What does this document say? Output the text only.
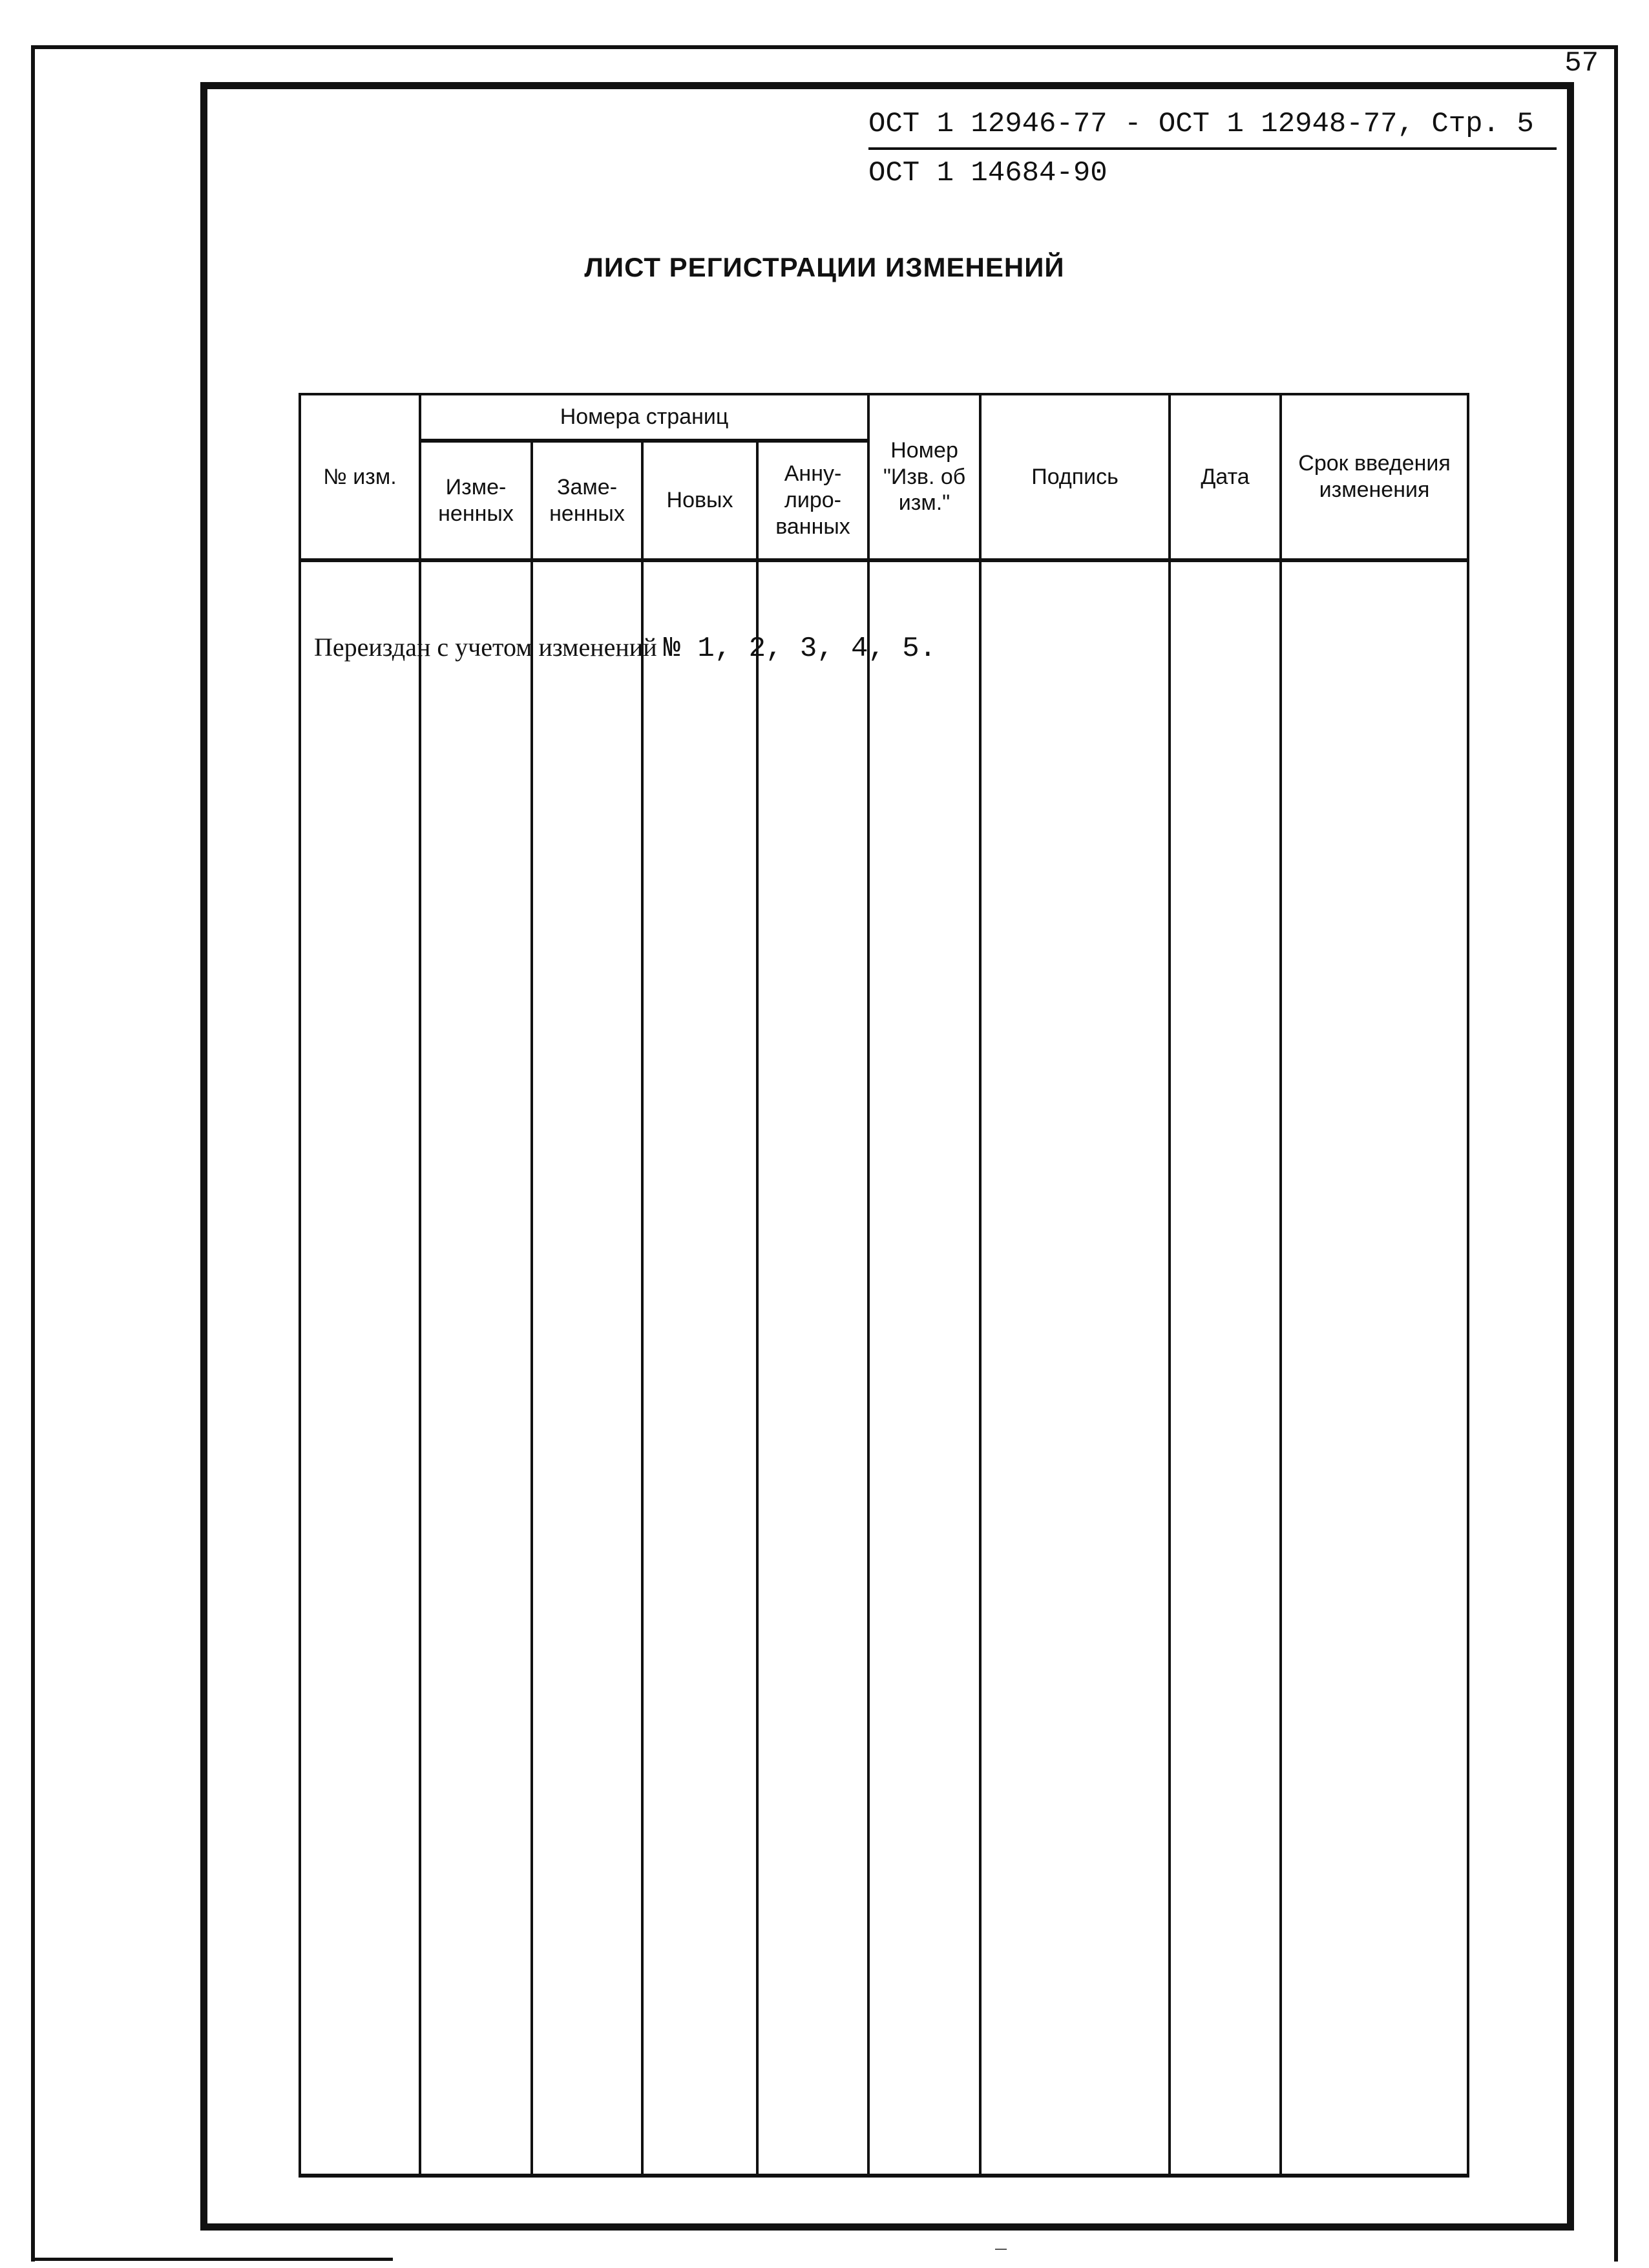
57

ОСТ 1 12946-77 - ОСТ 1 12948-77, Стр. 5
ОСТ 1 14684-90
ЛИСТ РЕГИСТРАЦИИ ИЗМЕНЕНИЙ
№ изм.	Номера страниц				Номер "Изв. об изм."	Подпись	Дата	Срок введения изменения
	Изме- ненных	Заме- ненных	Новых	Анну- лиро- ванных				

Переиздан с учетом изменений № 1, 2, 3, 4, 5.								
